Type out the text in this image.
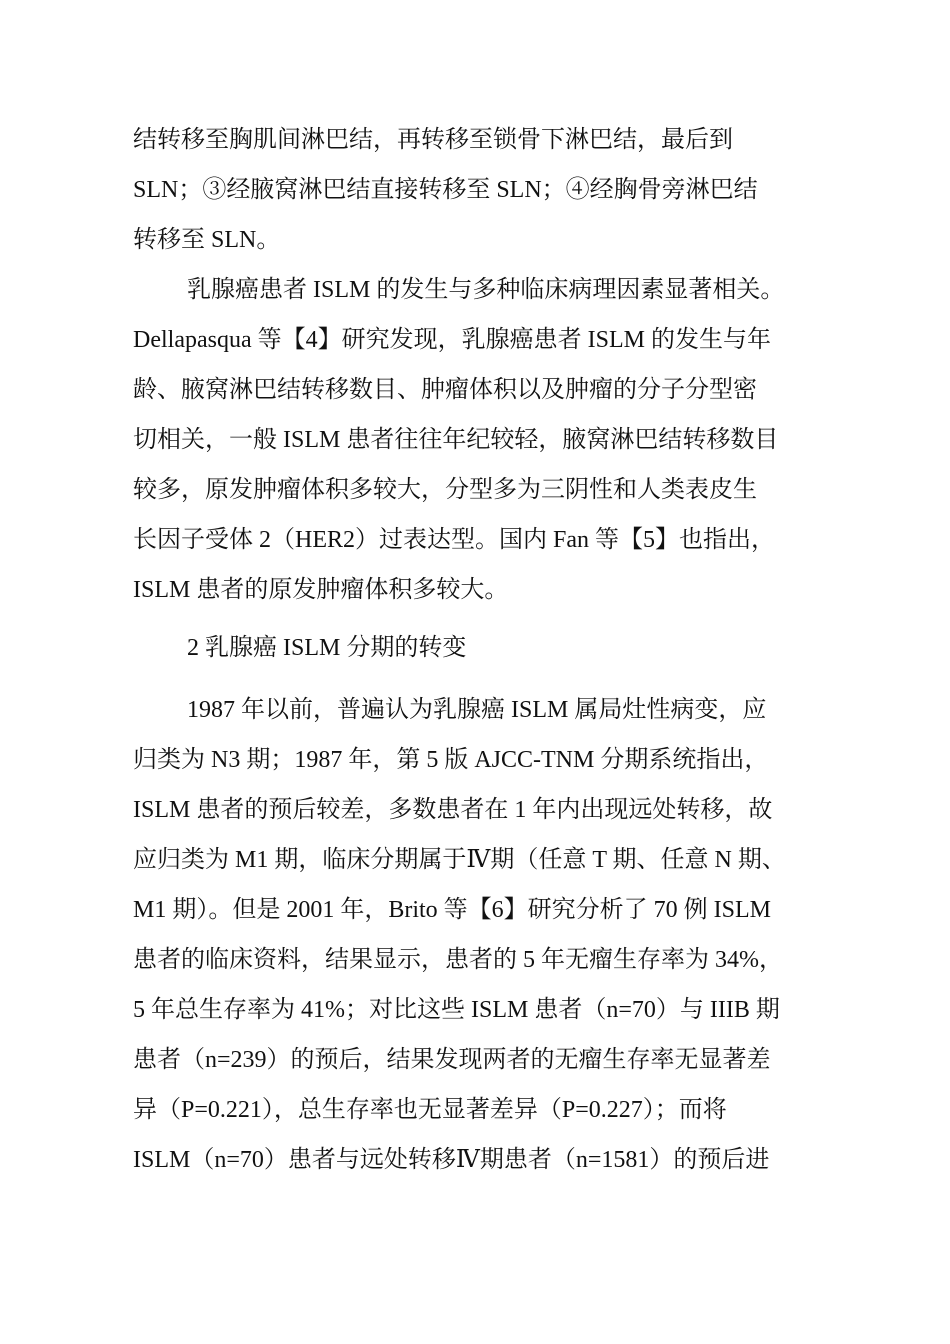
结转移至胸肌间淋巴结，再转移至锁骨下淋巴结，最后到
SLN；③经腋窝淋巴结直接转移至 SLN；④经胸骨旁淋巴结
转移至 SLN。
乳腺癌患者 ISLM 的发生与多种临床病理因素显著相关。
Dellapasqua 等【4】研究发现，乳腺癌患者 ISLM 的发生与年
龄、腋窝淋巴结转移数目、肿瘤体积以及肿瘤的分子分型密
切相关，一般 ISLM 患者往往年纪较轻，腋窝淋巴结转移数目
较多，原发肿瘤体积多较大，分型多为三阴性和人类表皮生
长因子受体 2（HER2）过表达型。国内 Fan 等【5】也指出，
ISLM 患者的原发肿瘤体积多较大。
2 乳腺癌 ISLM 分期的转变
1987 年以前，普遍认为乳腺癌 ISLM 属局灶性病变，应
归类为 N3 期；1987 年，第 5 版 AJCC-TNM 分期系统指出，
ISLM 患者的预后较差，多数患者在 1 年内出现远处转移，故
应归类为 M1 期，临床分期属于Ⅳ期（任意 T 期、任意 N 期、
M1 期）。但是 2001 年，Brito 等【6】研究分析了 70 例 ISLM
患者的临床资料，结果显示，患者的 5 年无瘤生存率为 34%，
5 年总生存率为 41%；对比这些 ISLM 患者（n=70）与 IIIB 期
患者（n=239）的预后，结果发现两者的无瘤生存率无显著差
异（P=0.221），总生存率也无显著差异（P=0.227）；而将
ISLM（n=70）患者与远处转移Ⅳ期患者（n=1581）的预后进
